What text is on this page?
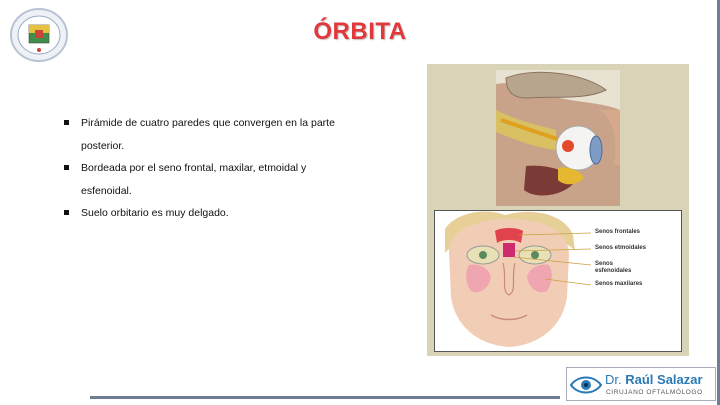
ÓRBITA
Pirámide de cuatro paredes que convergen en la parte
posterior.
Bordeada por el seno frontal, maxilar, etmoidal y
esfenoidal.
Suelo orbitario es muy delgado.
Senos frontales
Senos etmoidales
Senos
esfenoidales
Senos maxilares
Dr. Raúl Salazar
CIRUJANO OFTALMÓLOGO
